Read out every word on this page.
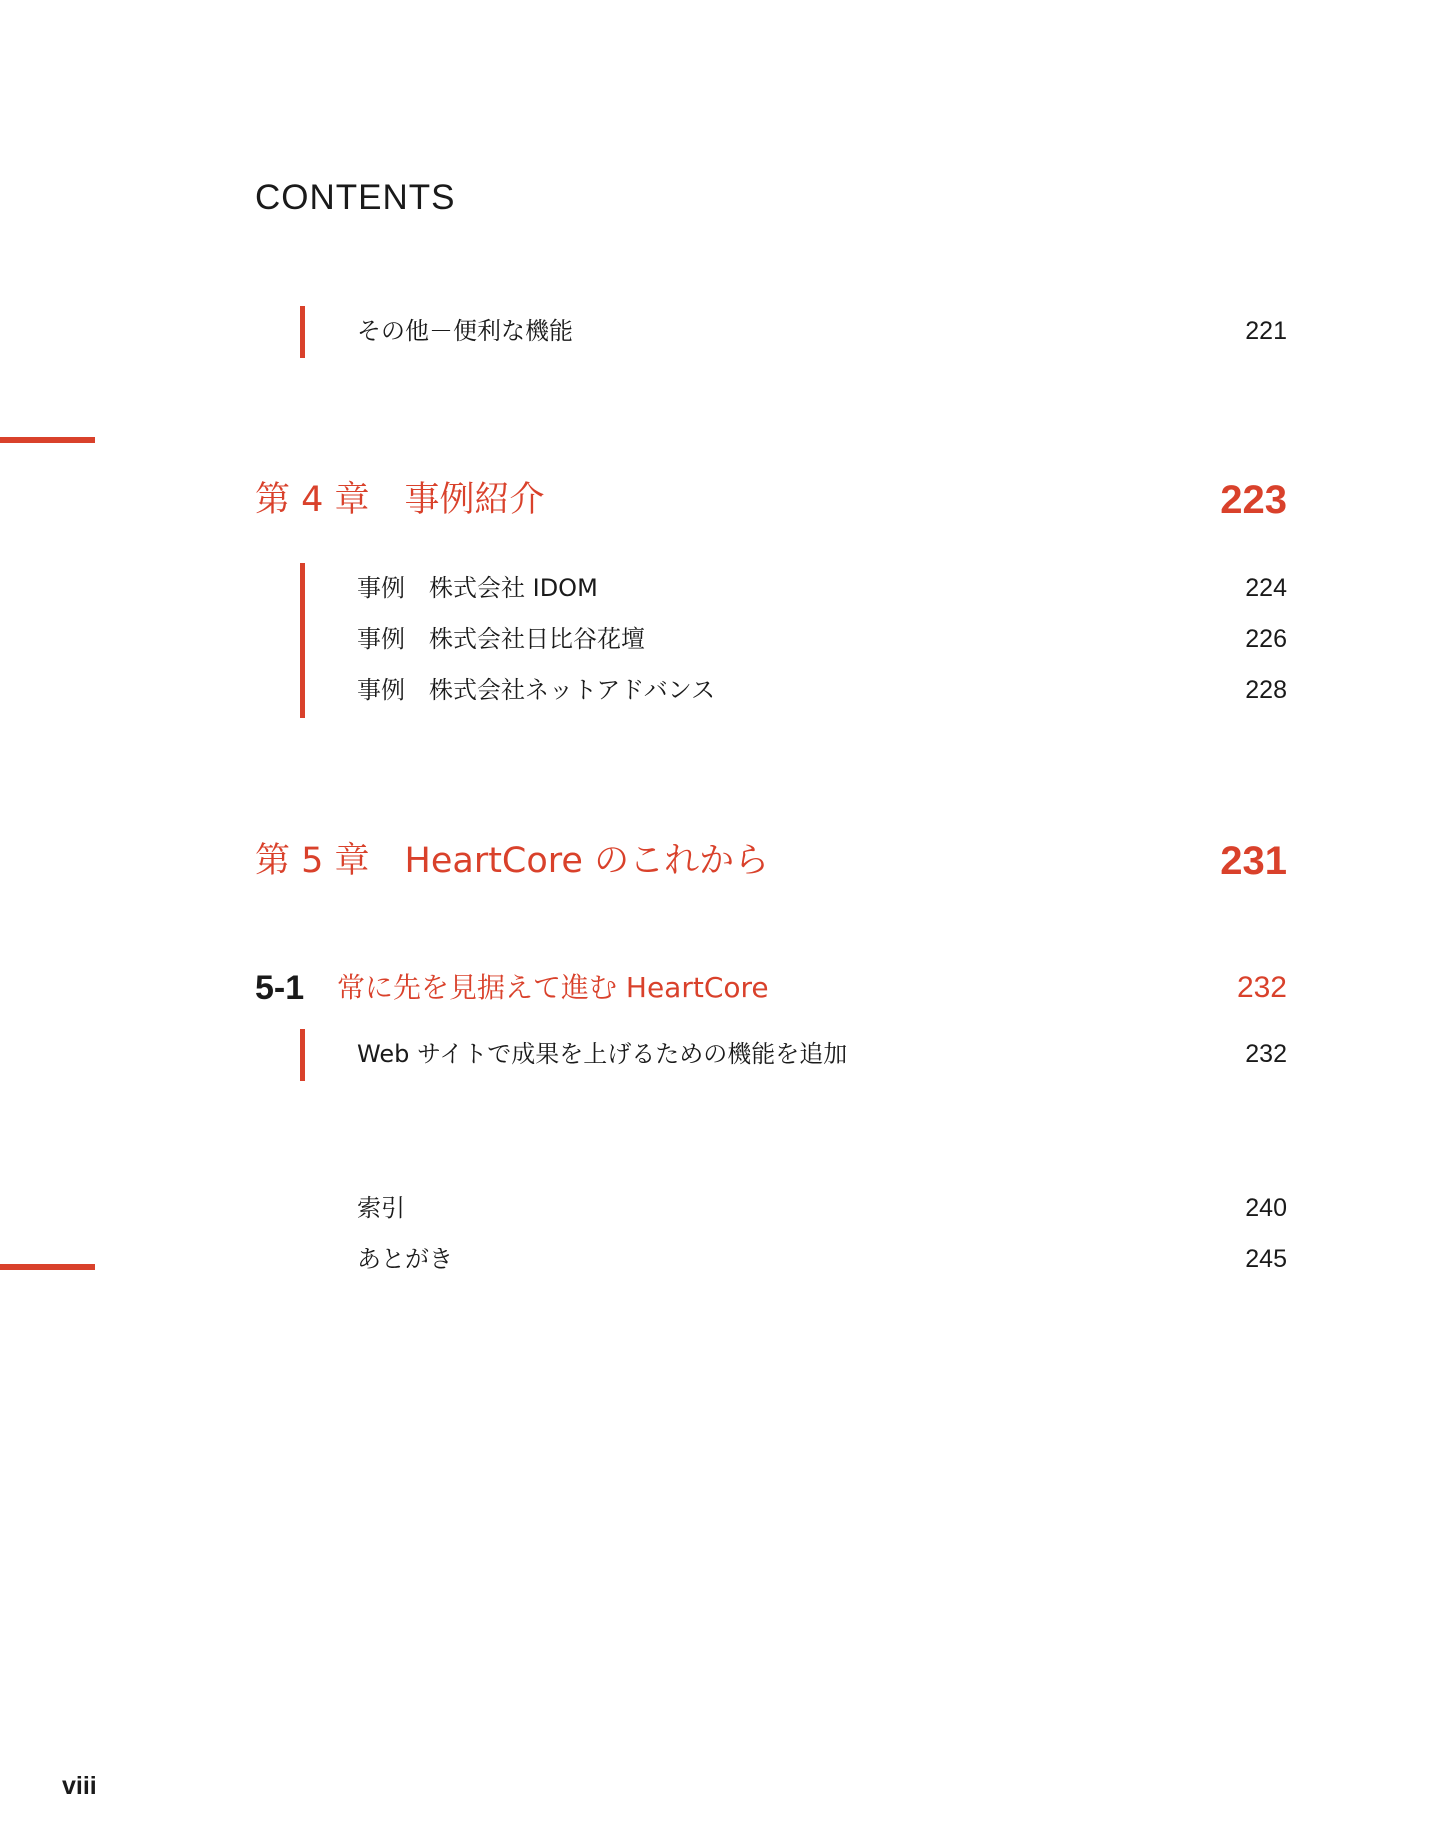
CONTENTS
その他－便利な機能	221
第 4 章　事例紹介	223
事例　株式会社 IDOM	224
事例　株式会社日比谷花壇	226
事例　株式会社ネットアドバンス	228
第 5 章　HeartCore のこれから	231
5-1 常に先を見据えて進む HeartCore	232
Web サイトで成果を上げるための機能を追加	232
索引	240
あとがき	245
viii
